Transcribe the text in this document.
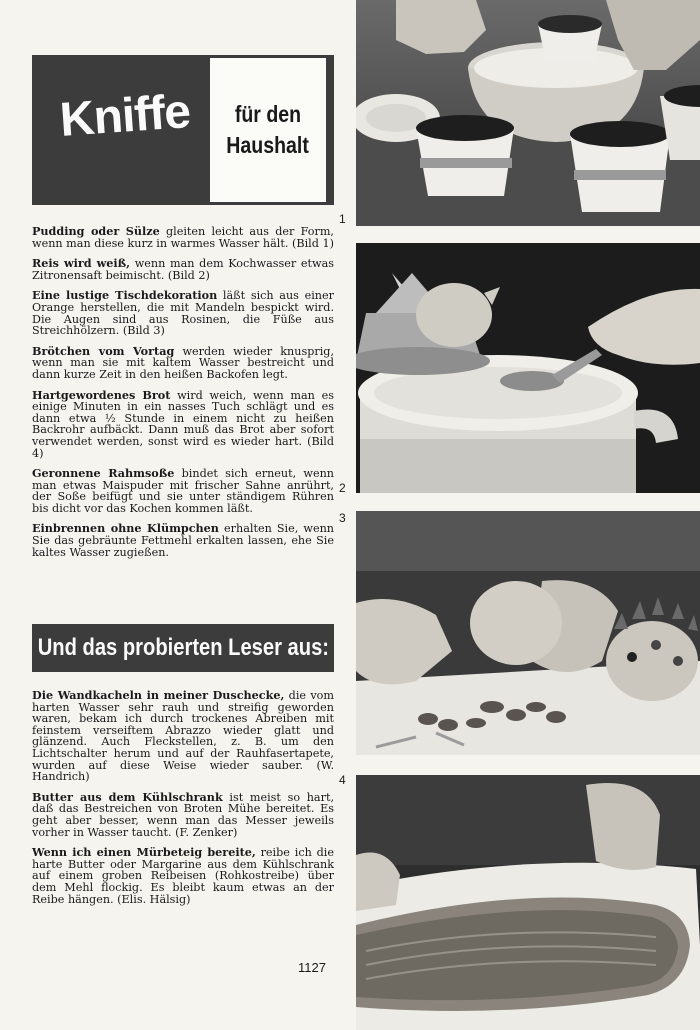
Kniffe für den
Haushalt

Pudding oder Sülze gleiten leicht aus der Form, wenn man diese kurz in warmes Wasser hält. (Bild 1)

Reis wird weiß, wenn man dem Kochwasser etwas Zitronensaft beimischt. (Bild 2)

Eine lustige Tischdekoration läßt sich aus einer Orange herstellen, die mit Mandeln bespickt wird. Die Augen sind aus Rosinen, die Füße aus Streichhölzern. (Bild 3)

Brötchen vom Vortag werden wieder knusprig, wenn man sie mit kaltem Wasser bestreicht und dann kurze Zeit in den heißen Backofen legt.

Hartgewordenes Brot wird weich, wenn man es einige Minuten in ein nasses Tuch schlägt und es dann etwa ½ Stunde in einem nicht zu heißen Backrohr aufbäckt. Dann muß das Brot aber sofort verwendet werden, sonst wird es wieder hart. (Bild 4)

Geronnene Rahmsoße bindet sich erneut, wenn man etwas Maispuder mit frischer Sahne anrührt, der Soße beifügt und sie unter ständigem Rühren bis dicht vor das Kochen kommen läßt.

Einbrennen ohne Klümpchen erhalten Sie, wenn Sie das gebräunte Fettmehl erkalten lassen, ehe Sie kaltes Wasser zugießen.

Und das probierten Leser aus:

Die Wandkacheln in meiner Duschecke, die vom harten Wasser sehr rauh und streifig geworden waren, bekam ich durch trockenes Abreiben mit feinstem verseiftem Abrazzo wieder glatt und glänzend. Auch Fleckstellen, z. B. um den Lichtschalter herum und auf der Rauhfasertapete, wurden auf diese Weise wieder sauber. (W. Handrich)

Butter aus dem Kühlschrank ist meist so hart, daß das Bestreichen von Broten Mühe bereitet. Es geht aber besser, wenn man das Messer jeweils vorher in Wasser taucht. (F. Zenker)

Wenn ich einen Mürbeteig bereite, reibe ich die harte Butter oder Margarine aus dem Kühlschrank auf einem groben Reibeisen (Rohkostreibe) über dem Mehl flockig. Es bleibt kaum etwas an der Reibe hängen. (Elis. Hälsig)

1127
1
2
3
4
